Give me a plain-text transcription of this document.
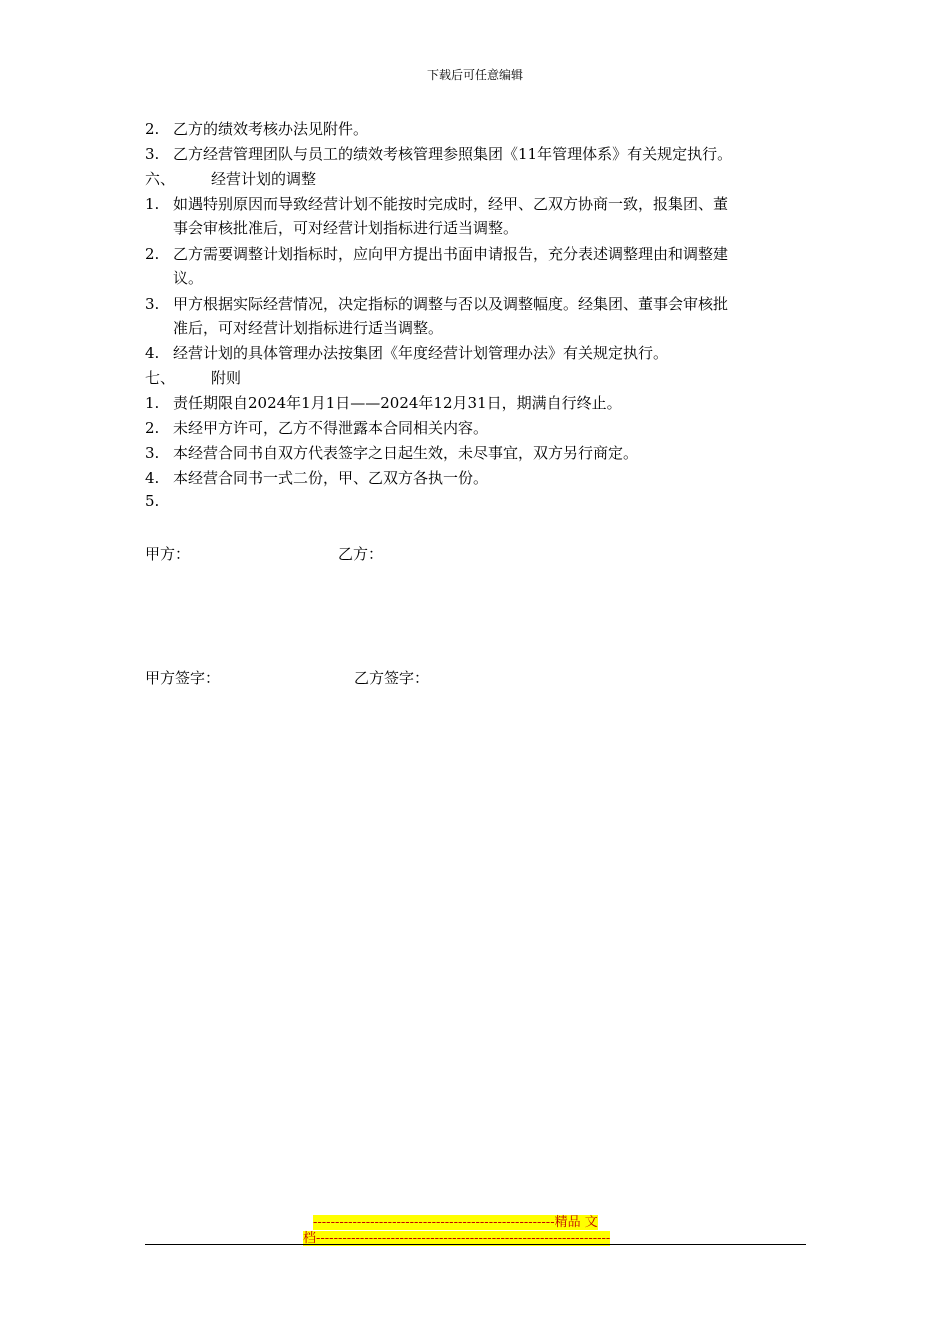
下载后可任意编辑
2. 乙方的绩效考核办法见附件。
3. 乙方经营管理团队与员工的绩效考核管理参照集团《11年管理体系》有关规定执行。
六、 经营计划的调整
1. 如遇特别原因而导致经营计划不能按时完成时，经甲、乙双方协商一致，报集团、董
事会审核批准后，可对经营计划指标进行适当调整。
2. 乙方需要调整计划指标时，应向甲方提出书面申请报告，充分表述调整理由和调整建
议。
3. 甲方根据实际经营情况，决定指标的调整与否以及调整幅度。经集团、董事会审核批
准后，可对经营计划指标进行适当调整。
4. 经营计划的具体管理办法按集团《年度经营计划管理办法》有关规定执行。
七、 附则
1. 责任期限自2024年1月1日——2024年12月31日，期满自行终止。
2. 未经甲方许可，乙方不得泄露本合同相关内容。
3. 本经营合同书自双方代表签字之日起生效，未尽事宜，双方另行商定。
4. 本经营合同书一式二份，甲、乙双方各执一份。
5.
甲方：	乙方：
甲方签字：	乙方签字：
-------------------------------------------------------精品 文
档-------------------------------------------------------------------
